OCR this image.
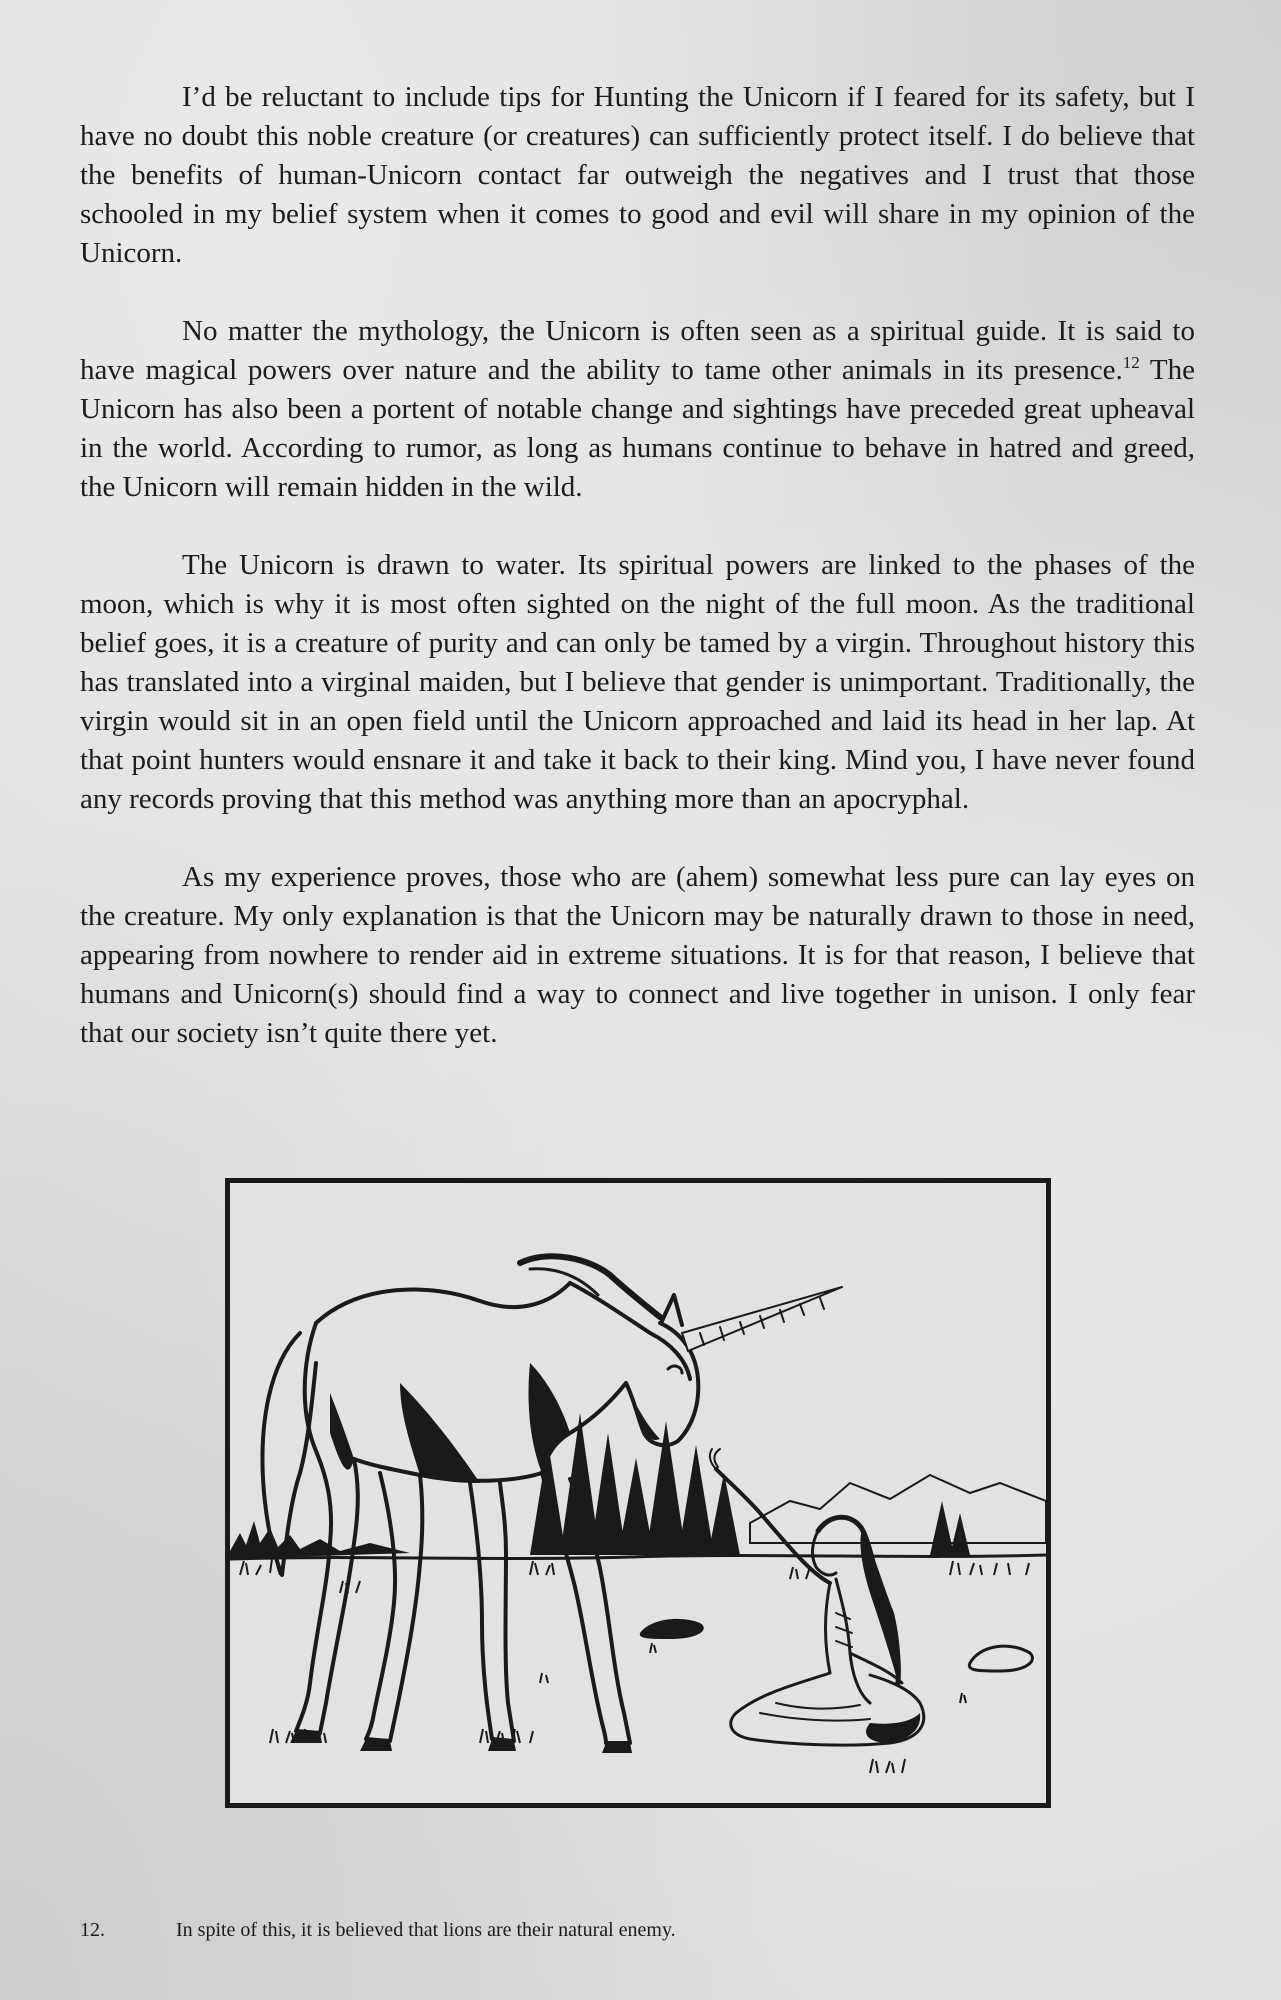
I’d be reluctant to include tips for Hunting the Unicorn if I feared for its safety, but I have no doubt this noble creature (or creatures) can sufficiently protect itself. I do believe that the benefits of human-Unicorn contact far outweigh the negatives and I trust that those schooled in my belief system when it comes to good and evil will share in my opinion of the Unicorn.

No matter the mythology, the Unicorn is often seen as a spiritual guide. It is said to have magical powers over nature and the ability to tame other animals in its presence.$^{12}$ The Unicorn has also been a portent of notable change and sightings have preceded great upheaval in the world. According to rumor, as long as humans continue to behave in hatred and greed, the Unicorn will remain hidden in the wild.

The Unicorn is drawn to water. Its spiritual powers are linked to the phases of the moon, which is why it is most often sighted on the night of the full moon. As the traditional belief goes, it is a creature of purity and can only be tamed by a virgin. Throughout history this has translated into a virginal maiden, but I believe that gender is unimportant. Traditionally, the virgin would sit in an open field until the Unicorn approached and laid its head in her lap. At that point hunters would ensnare it and take it back to their king. Mind you, I have never found any records proving that this method was anything more than an apocryphal.

As my experience proves, those who are (ahem) somewhat less pure can lay eyes on the creature. My only explanation is that the Unicorn may be naturally drawn to those in need, appearing from nowhere to render aid in extreme situations. It is for that reason, I believe that humans and Unicorn(s) should find a way to connect and live together in unison. I only fear that our society isn’t quite there yet.

12.	In spite of this, it is believed that lions are their natural enemy.
